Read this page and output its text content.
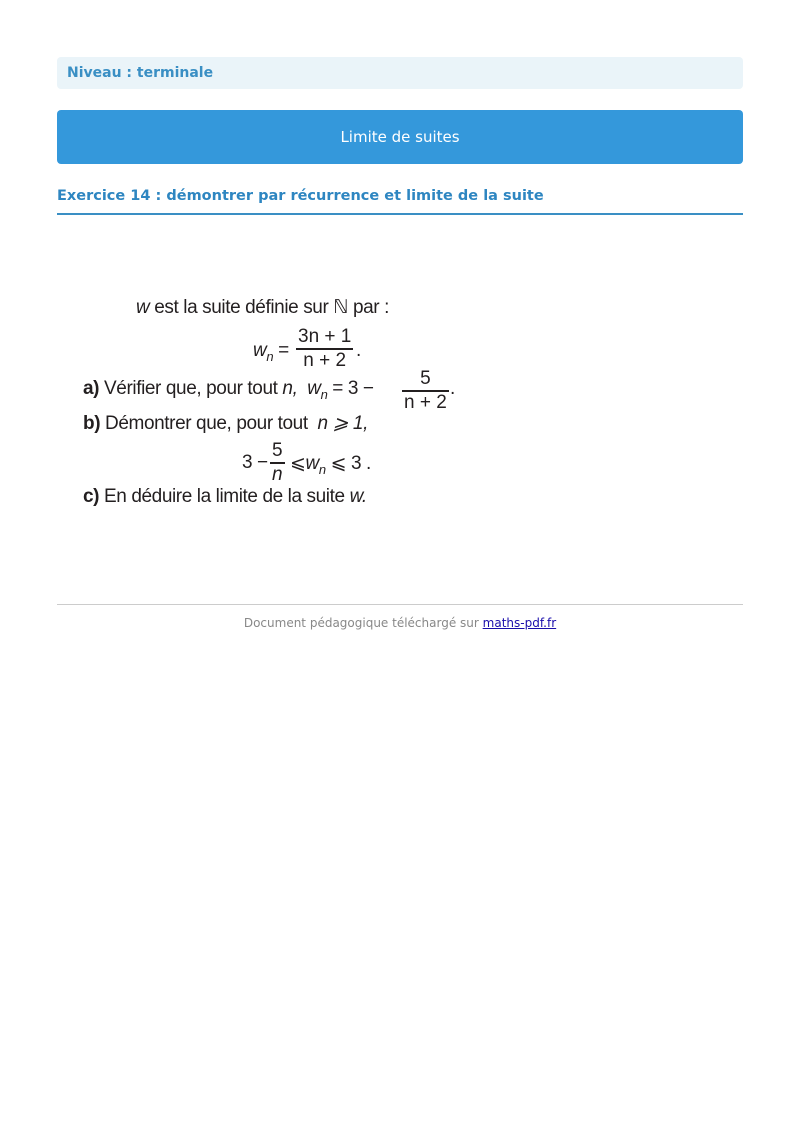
Niveau : terminale
Limite de suites
Exercice 14 : démontrer par récurrence et limite de la suite
w est la suite définie sur ℕ par :
$w_n$ =
3n + 1
n + 2 .
a) Vérifier que, pour tout n, $w_n = 3 - 5$
n + 2
.
b) Démontrer que, pour tout n ⩾ 1,
3 −
5
n $⩽w_n$ ⩽ 3 .
c) En déduire la limite de la suite w.
Document pédagogique téléchargé sur maths-pdf.fr
